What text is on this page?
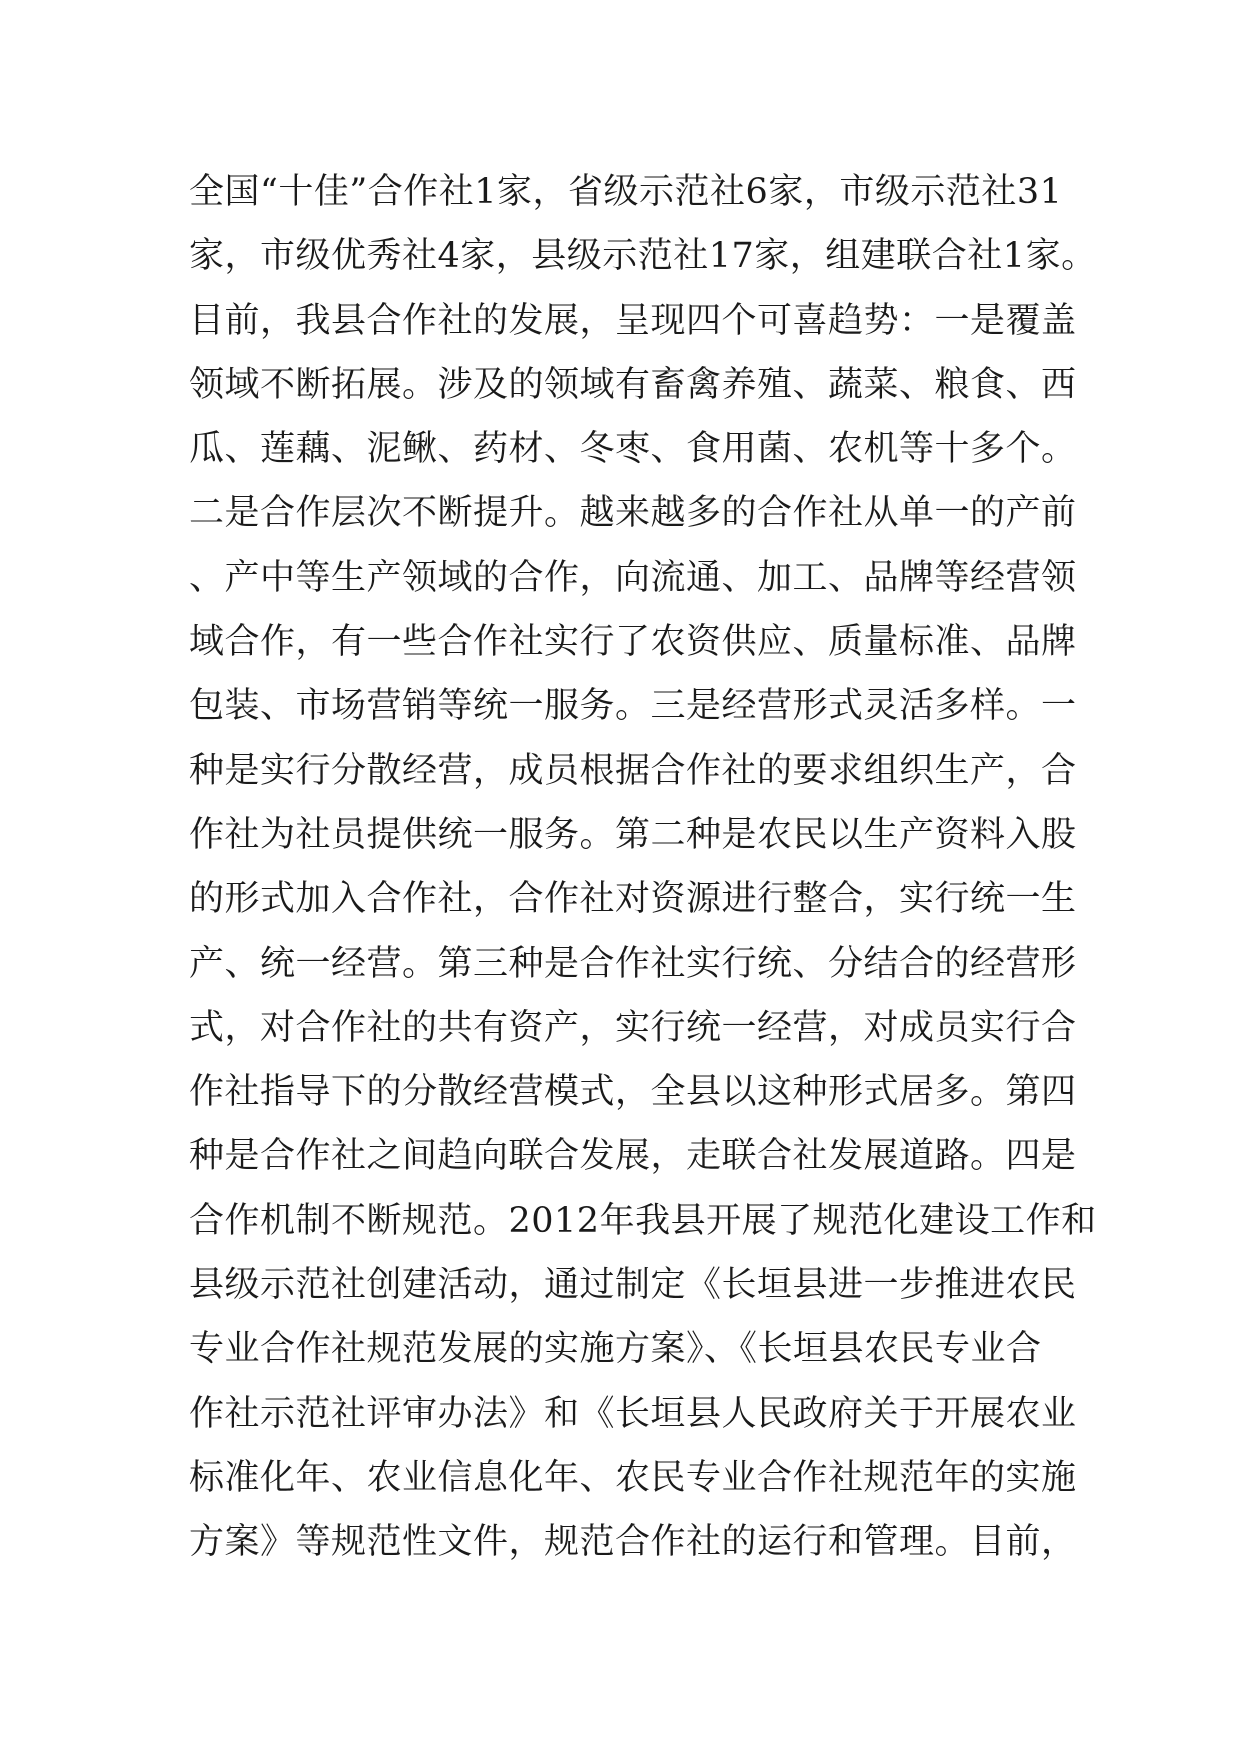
全国“十佳”合作社1家，省级示范社6家，市级示范社31
家，市级优秀社4家，县级示范社17家，组建联合社1家。
目前，我县合作社的发展，呈现四个可喜趋势：一是覆盖
领域不断拓展。涉及的领域有畜禽养殖、蔬菜、粮食、西
瓜、莲藕、泥鳅、药材、冬枣、食用菌、农机等十多个。
二是合作层次不断提升。越来越多的合作社从单一的产前
、产中等生产领域的合作，向流通、加工、品牌等经营领
域合作，有一些合作社实行了农资供应、质量标准、品牌
包装、市场营销等统一服务。三是经营形式灵活多样。一
种是实行分散经营，成员根据合作社的要求组织生产，合
作社为社员提供统一服务。第二种是农民以生产资料入股
的形式加入合作社，合作社对资源进行整合，实行统一生
产、统一经营。第三种是合作社实行统、分结合的经营形
式，对合作社的共有资产，实行统一经营，对成员实行合
作社指导下的分散经营模式，全县以这种形式居多。第四
种是合作社之间趋向联合发展，走联合社发展道路。四是
合作机制不断规范。2012年我县开展了规范化建设工作和
县级示范社创建活动，通过制定《长垣县进一步推进农民
专业合作社规范发展的实施方案》、《长垣县农民专业合
作社示范社评审办法》和《长垣县人民政府关于开展农业
标准化年、农业信息化年、农民专业合作社规范年的实施
方案》等规范性文件，规范合作社的运行和管理。目前，
